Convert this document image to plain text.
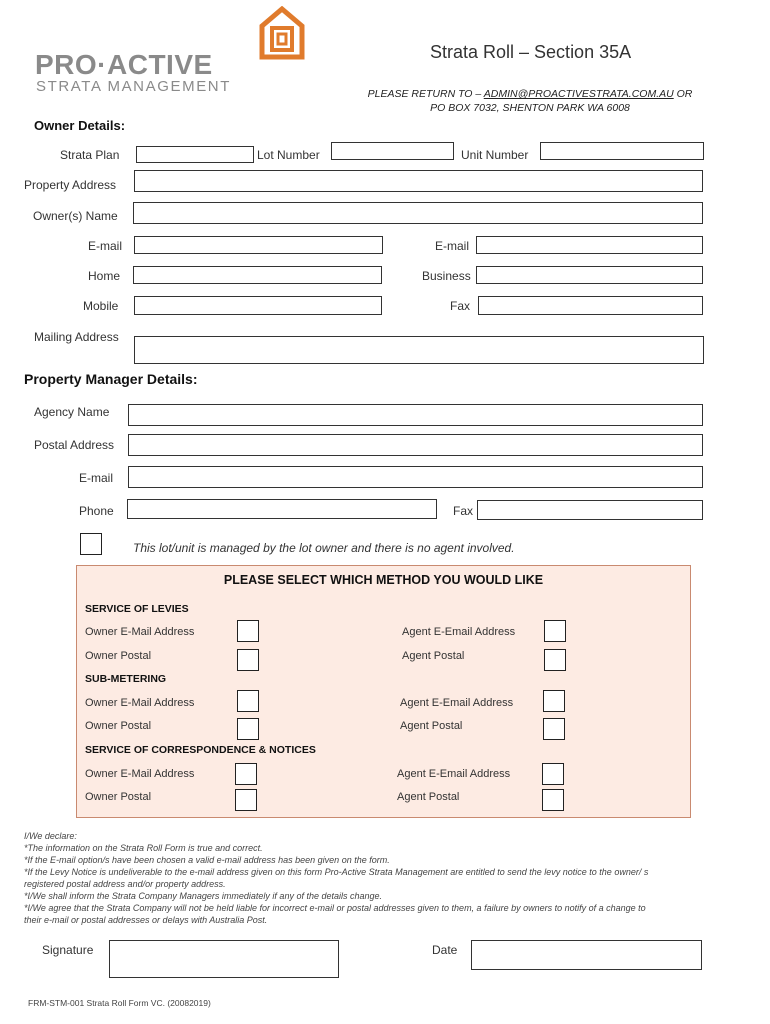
PRO·ACTIVE
STRATA MANAGEMENT
Strata Roll – Section 35A
PLEASE RETURN TO – ADMIN@PROACTIVESTRATA.COM.AU OR
PO BOX 7032, SHENTON PARK WA 6008
Owner Details:
Strata Plan	Lot Number	Unit Number
Property Address
Owner(s) Name
E-mail	E-mail
Home	Business
Mobile	Fax
Mailing Address
Property Manager Details:
Agency Name
Postal Address
E-mail
Phone	Fax
This lot/unit is managed by the lot owner and there is no agent involved.
PLEASE SELECT WHICH METHOD YOU WOULD LIKE
SERVICE OF LEVIES
Owner E-Mail Address	Agent E-Email Address
Owner Postal	Agent Postal
SUB-METERING
Owner E-Mail Address	Agent E-Email Address
Owner Postal	Agent Postal
SERVICE OF CORRESPONDENCE & NOTICES
Owner E-Mail Address	Agent E-Email Address
Owner Postal	Agent Postal
I/We declare:
*The information on the Strata Roll Form is true and correct.
*If the E-mail option/s have been chosen a valid e-mail address has been given on the form.
*If the Levy Notice is undeliverable to the e-mail address given on this form Pro-Active Strata Management are entitled to send the levy notice to the owner/ s
registered postal address and/or property address.
*I/We shall inform the Strata Company Managers immediately if any of the details change.
*I/We agree that the Strata Company will not be held liable for incorrect e-mail or postal addresses given to them, a failure by owners to notify of a change to
their e-mail or postal addresses or delays with Australia Post.
Signature	Date
FRM-STM-001 Strata Roll Form VC. (20082019)
